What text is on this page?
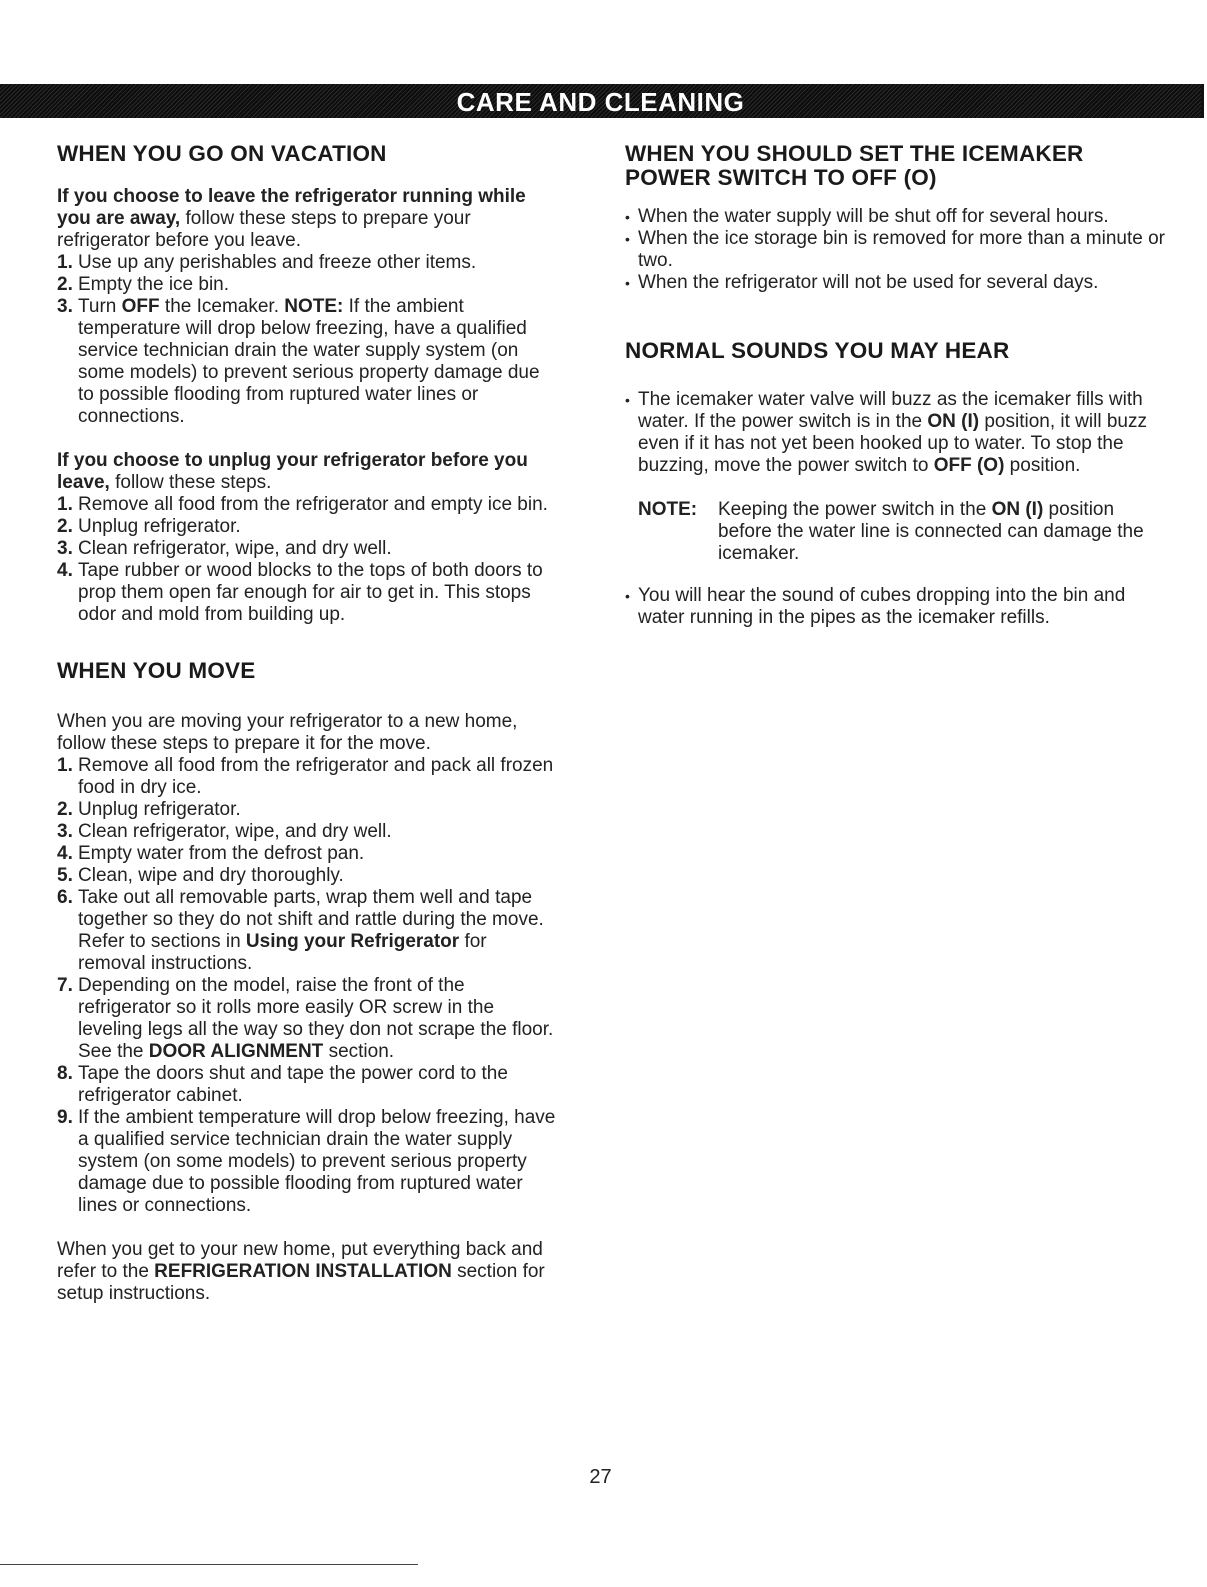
CARE AND CLEANING
WHEN YOU GO ON VACATION

If you choose to leave the refrigerator running while you are away, follow these steps to prepare your refrigerator before you leave.

1. Use up any perishables and freeze other items.
2. Empty the ice bin.
3. Turn OFF the Icemaker. NOTE: If the ambient temperature will drop below freezing, have a qualified service technician drain the water supply system (on some models) to prevent serious property damage due to possible flooding from ruptured water lines or connections.

If you choose to unplug your refrigerator before you leave, follow these steps.

1. Remove all food from the refrigerator and empty ice bin.
2. Unplug refrigerator.
3. Clean refrigerator, wipe, and dry well.
4. Tape rubber or wood blocks to the tops of both doors to prop them open far enough for air to get in. This stops odor and mold from building up.
WHEN YOU MOVE

When you are moving your refrigerator to a new home, follow these steps to prepare it for the move.

1. Remove all food from the refrigerator and pack all frozen food in dry ice.
2. Unplug refrigerator.
3. Clean refrigerator, wipe, and dry well.
4. Empty water from the defrost pan.
5. Clean, wipe and dry thoroughly.
6. Take out all removable parts, wrap them well and tape together so they do not shift and rattle during the move. Refer to sections in Using your Refrigerator for removal instructions.
7. Depending on the model, raise the front of the refrigerator so it rolls more easily OR screw in the leveling legs all the way so they don not scrape the floor. See the DOOR ALIGNMENT section.
8. Tape the doors shut and tape the power cord to the refrigerator cabinet.
9. If the ambient temperature will drop below freezing, have a qualified service technician drain the water supply system (on some models) to prevent serious property damage due to possible flooding from ruptured water lines or connections.

When you get to your new home, put everything back and refer to the REFRIGERATION INSTALLATION section for setup instructions.

WHEN YOU SHOULD SET THE ICEMAKER POWER SWITCH TO OFF (O)
• When the water supply will be shut off for several hours.
• When the ice storage bin is removed for more than a minute or two.
• When the refrigerator will not be used for several days.
NORMAL SOUNDS YOU MAY HEAR
• The icemaker water valve will buzz as the icemaker fills with water. If the power switch is in the ON (I) position, it will buzz even if it has not yet been hooked up to water. To stop the buzzing, move the power switch to OFF (O) position.
NOTE: Keeping the power switch in the ON (I) position before the water line is connected can damage the icemaker.
• You will hear the sound of cubes dropping into the bin and water running in the pipes as the icemaker refills.
27
